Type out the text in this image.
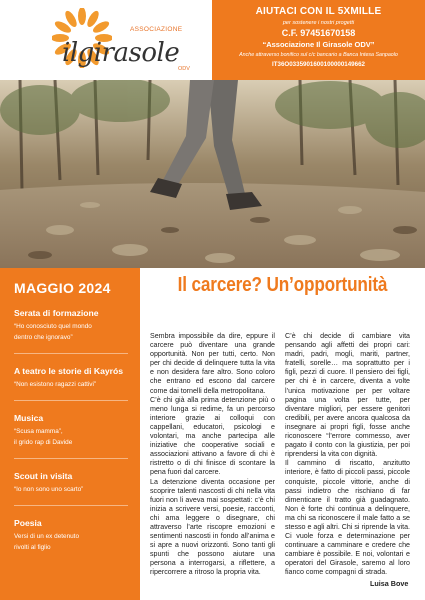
ASSOCIAZIONE
ilgirasole
ODV
AIUTACI CON IL 5XMILLE
per sostenere i nostri progetti
C.F. 97451670158
“Associazione Il Girasole ODV”
Anche attraverso bonifico sul c/c bancario a Banca Intesa Sanpaolo
IT36O0335901600100000149662
MAGGIO 2024
Serata di formazione
“Ho conosciuto quel mondo
dentro che ignoravo”
A teatro le storie di Kayrós
“Non esistono ragazzi cattivi”
Musica
“Scusa mamma”,
il grido rap di Davide
Scout in visita
“Io non sono uno scarto”
Poesia
Versi di un ex detenuto
rivolti al figlio
Il carcere? Un’opportunità

Sembra impossibile da dire, eppure il carcere può diventare una grande opportunità. Non per tutti, certo. Non per chi decide di delinquere tutta la vita e non desidera fare altro. Sono coloro che entrano ed escono dal carcere come dai tornelli della metropolitana.

C’è chi già alla prima detenzione più o meno lunga si redime, fa un percorso interiore grazie ai colloqui con cappellani, educatori, psicologi e volontari, ma anche partecipa alle iniziative che cooperative sociali e associazioni attivano a favore di chi è ristretto o di chi finisce di scontare la pena fuori dal carcere.

La detenzione diventa occasione per scoprire talenti nascosti di chi nella vita fuori non li aveva mai sospettati: c’è chi inizia a scrivere versi, poesie, racconti, chi ama leggere o disegnare, chi attraverso l’arte riscopre emozioni e sentimenti nascosti in fondo all’anima e si apre a nuovi orizzonti. Sono tanti gli spunti che possono aiutare una persona a interrogarsi, a riflettere, a ripercorrere a ritroso la propria vita.

C’è chi decide di cambiare vita pensando agli affetti dei propri cari: madri, padri, mogli, mariti, partner, fratelli, sorelle… ma soprattutto per i figli, pezzi di cuore. Il pensiero dei figli, per chi è in carcere, diventa a volte l’unica motivazione per per voltare pagina una volta per tutte, per diventare migliori, per essere genitori credibili, per avere ancora qualcosa da insegnare ai propri figli, fosse anche riconoscere “l’errore commesso, aver pagato il conto con la giustizia, per poi riprendersi la vita con dignità.

Il cammino di riscatto, anzitutto interiore, è fatto di piccoli passi, piccole conquiste, piccole vittorie, anche di passi indietro che rischiano di far dimenticare il tratto già guadagnato. Non è forte chi continua a delinquere, ma chi sa riconoscere il male fatto a se stesso e agli altri. Chi si riprende la vita.

Ci vuole forza e determinazione per continuare a camminare e credere che cambiare è possibile. E noi, volontari e operatori del Girasole, saremo al loro fianco come compagni di strada.

Luisa Bove
